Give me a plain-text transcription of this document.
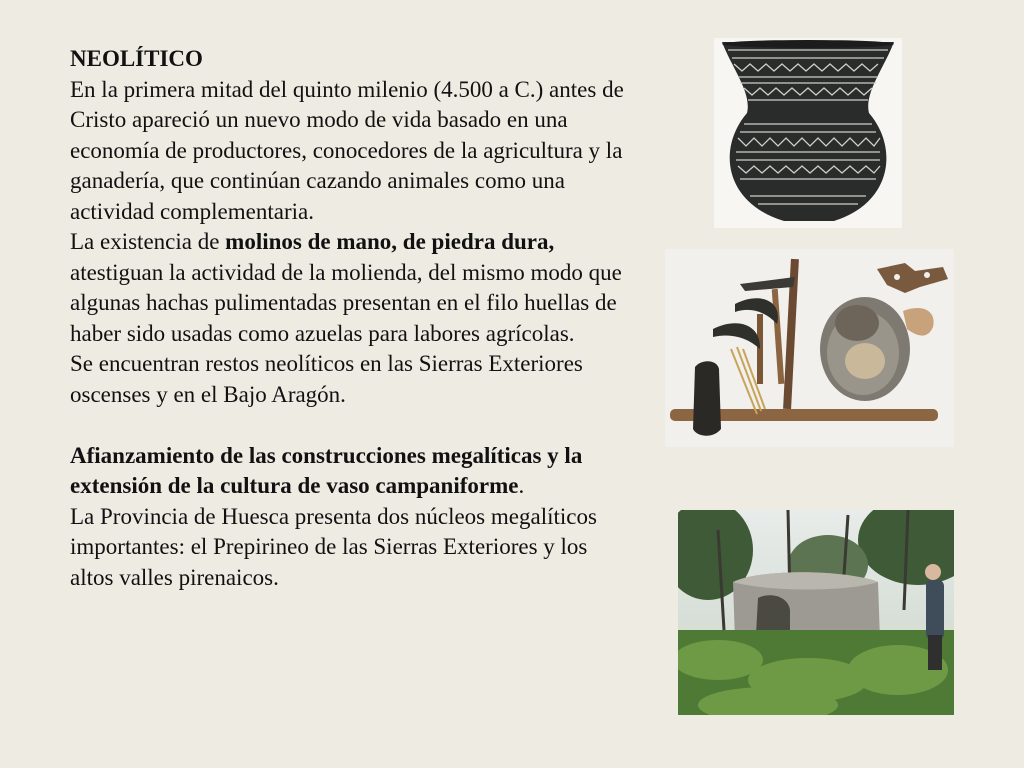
NEOLÍTICO

En la primera mitad del quinto milenio (4.500 a C.) antes de Cristo apareció un nuevo modo de vida basado en una economía de productores, conocedores de la agricultura y la ganadería, que continúan cazando animales como una actividad complementaria.

La existencia de molinos de mano, de piedra dura, atestiguan la actividad de la molienda, del mismo modo que algunas hachas pulimentadas presentan en el filo huellas de haber sido usadas como azuelas para labores agrícolas.

Se encuentran restos neolíticos en las Sierras Exteriores oscenses y en el Bajo Aragón.

Afianzamiento de las construcciones megalíticas y la extensión de la cultura de vaso campaniforme.

La Provincia de Huesca presenta dos núcleos megalíticos importantes: el Prepirineo de las Sierras Exteriores y los altos valles pirenaicos.
